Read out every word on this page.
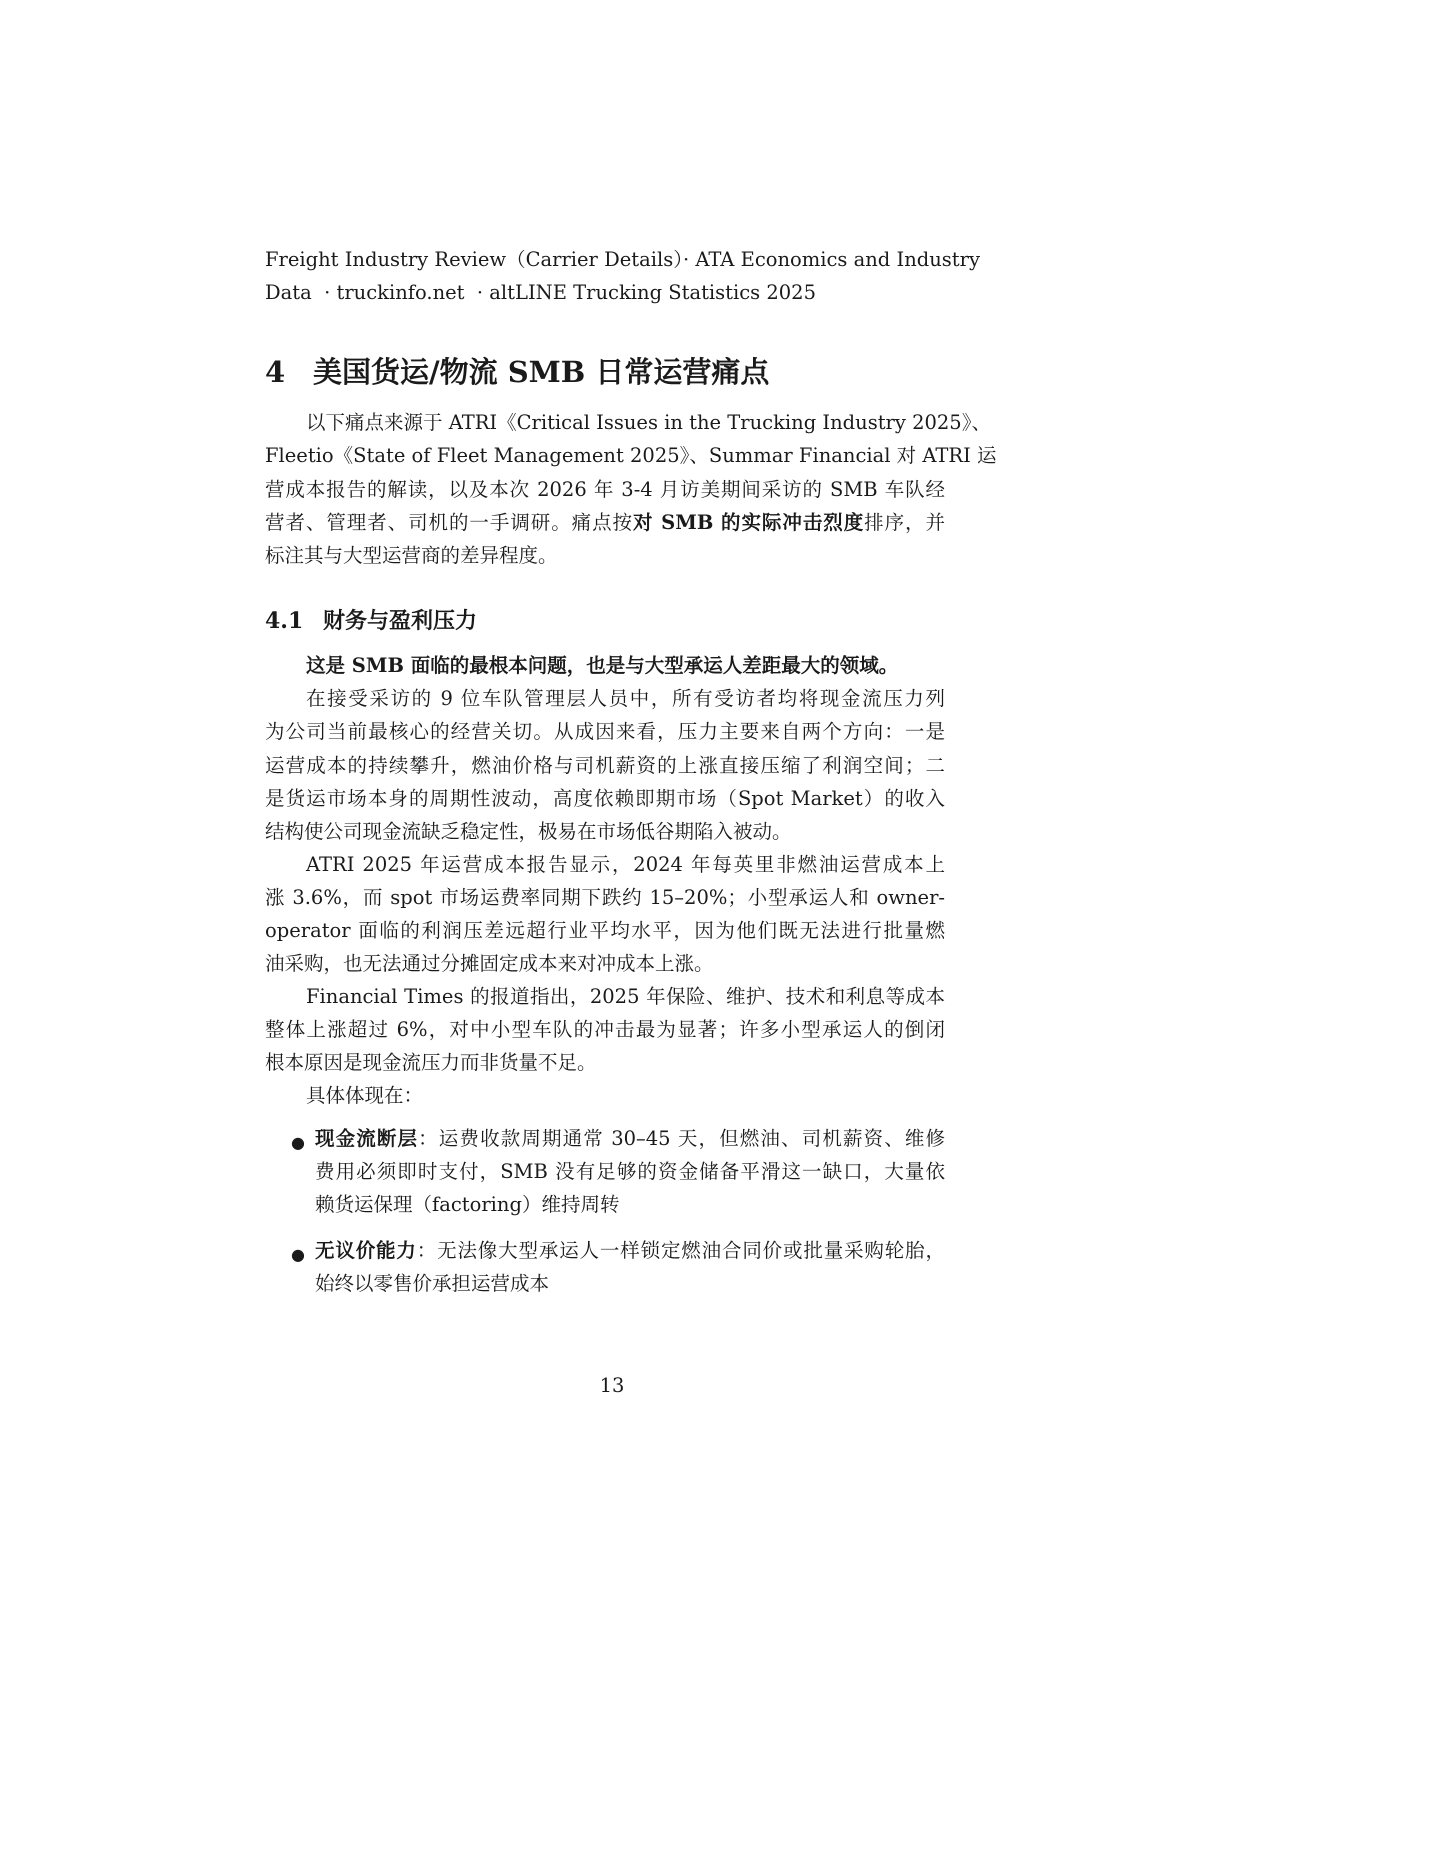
Freight Industry Review（Carrier Details）· ATA Economics and Industry
Data  · truckinfo.net  · altLINE Trucking Statistics 2025
4 美国货运/物流 SMB 日常运营痛点
以下痛点来源于 ATRI《Critical Issues in the Trucking Industry 2025》、
Fleetio《State of Fleet Management 2025》、Summar Financial 对 ATRI 运
营成本报告的解读，以及本次 2026 年 3-4 月访美期间采访的 SMB 车队经
营者、管理者、司机的一手调研。痛点按对 SMB 的实际冲击烈度排序，并
标注其与大型运营商的差异程度。
4.1 财务与盈利压力
这是 SMB 面临的最根本问题，也是与大型承运人差距最大的领域。
在接受采访的 9 位车队管理层人员中，所有受访者均将现金流压力列
为公司当前最核心的经营关切。从成因来看，压力主要来自两个方向：一是
运营成本的持续攀升，燃油价格与司机薪资的上涨直接压缩了利润空间；二
是货运市场本身的周期性波动，高度依赖即期市场（Spot Market）的收入
结构使公司现金流缺乏稳定性，极易在市场低谷期陷入被动。
ATRI 2025 年运营成本报告显示，2024 年每英里非燃油运营成本上
涨 3.6%，而 spot 市场运费率同期下跌约 15–20%；小型承运人和 owner-
operator 面临的利润压差远超行业平均水平，因为他们既无法进行批量燃
油采购，也无法通过分摊固定成本来对冲成本上涨。
Financial Times 的报道指出，2025 年保险、维护、技术和利息等成本
整体上涨超过 6%，对中小型车队的冲击最为显著；许多小型承运人的倒闭
根本原因是现金流压力而非货量不足。
具体体现在：
● 现金流断层：运费收款周期通常 30–45 天，但燃油、司机薪资、维修
费用必须即时支付，SMB 没有足够的资金储备平滑这一缺口，大量依
赖货运保理（factoring）维持周转
● 无议价能力：无法像大型承运人一样锁定燃油合同价或批量采购轮胎，
始终以零售价承担运营成本
13
